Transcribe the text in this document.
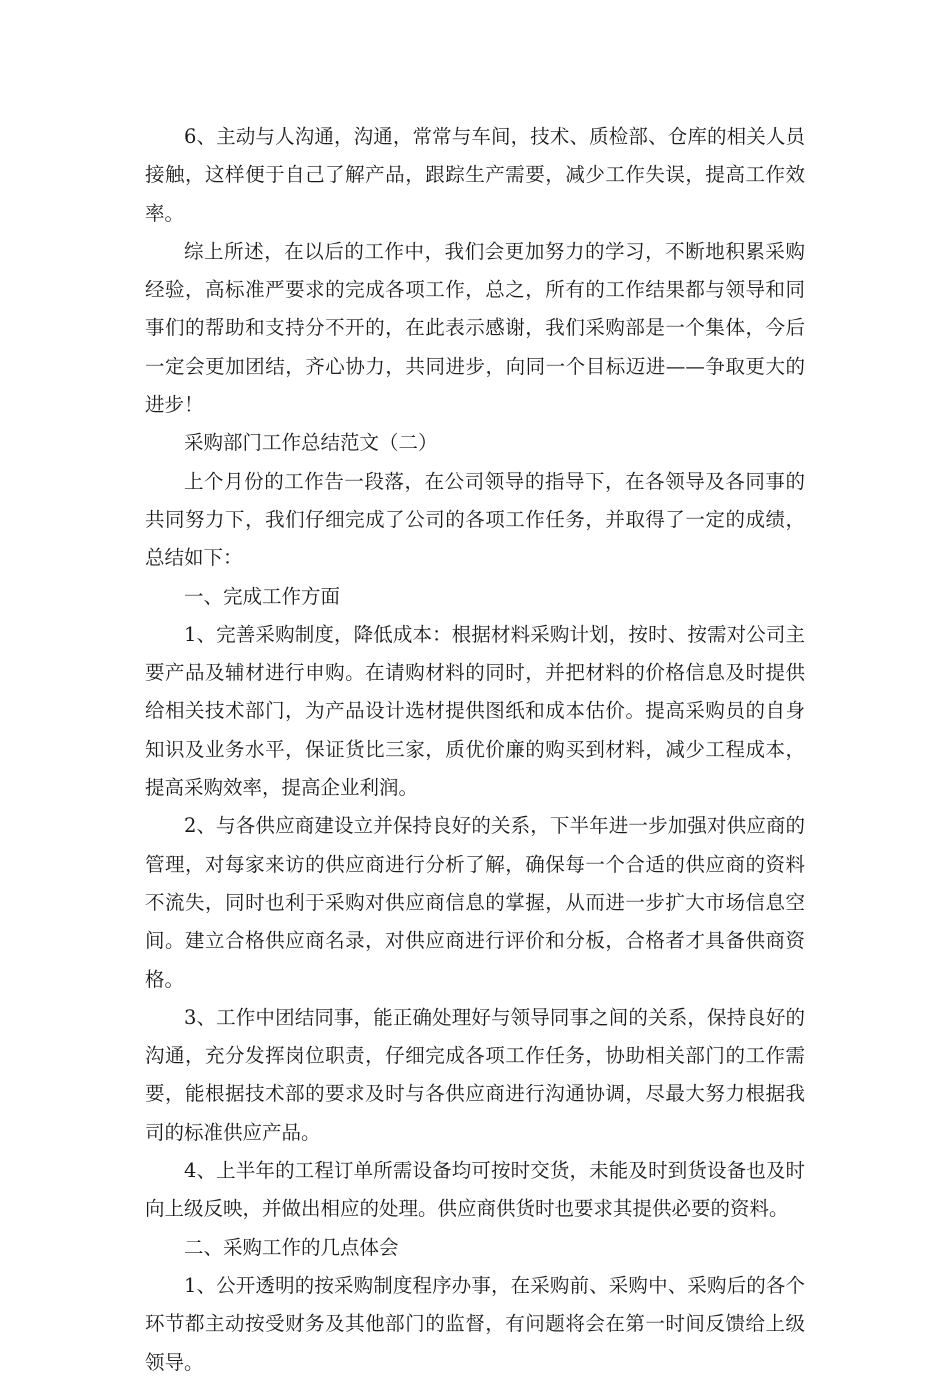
6、主动与人沟通，沟通，常常与车间，技术、质检部、仓库的相关人员接触，这样便于自己了解产品，跟踪生产需要，减少工作失误，提高工作效率。

综上所述，在以后的工作中，我们会更加努力的学习，不断地积累采购经验，高标准严要求的完成各项工作，总之，所有的工作结果都与领导和同事们的帮助和支持分不开的，在此表示感谢，我们采购部是一个集体，今后一定会更加团结，齐心协力，共同进步，向同一个目标迈进——争取更大的进步！

采购部门工作总结范文（二）

上个月份的工作告一段落，在公司领导的指导下，在各领导及各同事的共同努力下，我们仔细完成了公司的各项工作任务，并取得了一定的成绩，总结如下：

一、完成工作方面

1、完善采购制度，降低成本：根据材料采购计划，按时、按需对公司主要产品及辅材进行申购。在请购材料的同时，并把材料的价格信息及时提供给相关技术部门，为产品设计选材提供图纸和成本估价。提高采购员的自身知识及业务水平，保证货比三家，质优价廉的购买到材料，减少工程成本，提高采购效率，提高企业利润。

2、与各供应商建设立并保持良好的关系，下半年进一步加强对供应商的管理，对每家来访的供应商进行分析了解，确保每一个合适的供应商的资料不流失，同时也利于采购对供应商信息的掌握，从而进一步扩大市场信息空间。建立合格供应商名录，对供应商进行评价和分板，合格者才具备供商资格。

3、工作中团结同事，能正确处理好与领导同事之间的关系，保持良好的沟通，充分发挥岗位职责，仔细完成各项工作任务，协助相关部门的工作需要，能根据技术部的要求及时与各供应商进行沟通协调，尽最大努力根据我司的标准供应产品。

4、上半年的工程订单所需设备均可按时交货，未能及时到货设备也及时向上级反映，并做出相应的处理。供应商供货时也要求其提供必要的资料。

二、采购工作的几点体会

1、公开透明的按采购制度程序办事，在采购前、采购中、采购后的各个环节都主动按受财务及其他部门的监督，有问题将会在第一时间反馈给上级领导。
